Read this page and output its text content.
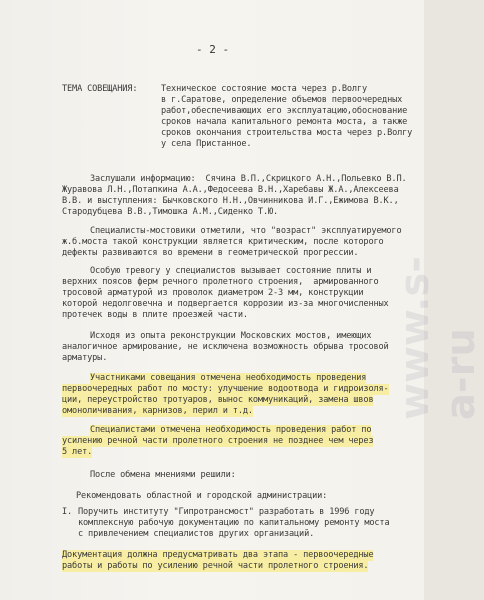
- 2 -
ТЕМА СОВЕЩАНИЯ:	Техническое состояние моста через р.Волгу
в г.Саратове, определение объемов первоочередных
работ,обеспечивающих его эксплуатацию,обоснование
сроков начала капитального ремонта моста, а также
сроков окончания строительства моста через р.Волгу
у села Пристанное.
Заслушали информацию:  Сячина В.П.,Скрицкого А.Н.,Польевко В.П.
Журавова Л.Н.,Потапкина А.А.,Федосеева В.Н.,Харебавы Ж.А.,Алексеева
В.В. и выступления: Бычковского Н.Н.,Овчинникова И.Г.,Ежимова В.К.,
Стародубцева В.В.,Тимошка А.М.,Сиденко Т.Ю.
Специалисты-мостовики отметили, что "возраст" эксплуатируемого
ж.б.моста такой конструкции является критическим, после которого
дефекты развиваются во времени в геометрической прогрессии.
Особую тревогу у специалистов вызывает состояние плиты и
верхних поясов ферм речного пролетного строения,  армированного
тросовой арматурой из проволок диаметром 2-3 мм, конструкции
которой недолговечна и подвергается коррозии из-за многочисленных
протечек воды в плите проезжей части.
Исходя из опыта реконструкции Московских мостов, имеющих
аналогичное армирование, не исключена возможность обрыва тросовой
арматуры.
Участниками совещания отмечена необходимость проведения
первоочередных работ по мосту: улучшение водоотвода и гидроизоля-
ции, переустройство тротуаров, вынос коммуникаций, замена швов
омоноличивания, карнизов, перил и т.д.
Специалистами отмечена необходимость проведения работ по
усилению речной части пролетного строения не позднее чем через
5 лет.
После обмена мнениями решили:
Рекомендовать областной и городской администрации:
I. Поручить институту "Гипротрансмост" разработать в 1996 году
комплексную рабочую документацию по капитальному ремонту моста
с привлечением специалистов других организаций.
Документация должна предусматривать два этапа - первоочередные
работы и работы по усилению речной части пролетного строения.
www.s-a-ru
